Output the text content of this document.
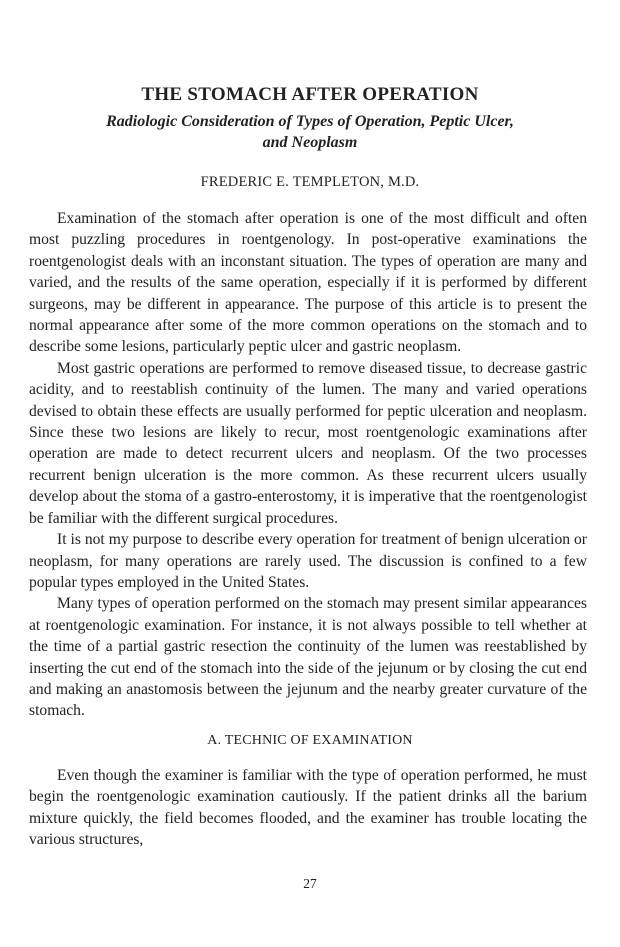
THE STOMACH AFTER OPERATION
Radiologic Consideration of Types of Operation, Peptic Ulcer,
and Neoplasm
FREDERIC E. TEMPLETON, M.D.

Examination of the stomach after operation is one of the most difficult and often most puzzling procedures in roentgenology. In post-operative examinations the roentgenologist deals with an inconstant situation. The types of operation are many and varied, and the results of the same operation, especially if it is performed by different surgeons, may be different in appearance. The purpose of this article is to present the normal appearance after some of the more common operations on the stomach and to describe some lesions, particularly peptic ulcer and gastric neoplasm.

Most gastric operations are performed to remove diseased tissue, to decrease gastric acidity, and to reestablish continuity of the lumen. The many and varied operations devised to obtain these effects are usually performed for peptic ulceration and neoplasm. Since these two lesions are likely to recur, most roentgenologic examinations after operation are made to detect recurrent ulcers and neoplasm. Of the two processes recurrent benign ulceration is the more common. As these recurrent ulcers usually develop about the stoma of a gastro-enterostomy, it is imperative that the roentgenologist be familiar with the different surgical procedures.

It is not my purpose to describe every operation for treatment of benign ulceration or neoplasm, for many operations are rarely used. The discussion is confined to a few popular types employed in the United States.

Many types of operation performed on the stomach may present similar appearances at roentgenologic examination. For instance, it is not always possible to tell whether at the time of a partial gastric resection the continuity of the lumen was reestablished by inserting the cut end of the stomach into the side of the jejunum or by closing the cut end and making an anastomosis between the jejunum and the nearby greater curvature of the stomach.

A. TECHNIC OF EXAMINATION

Even though the examiner is familiar with the type of operation performed, he must begin the roentgenologic examination cautiously. If the patient drinks all the barium mixture quickly, the field becomes flooded, and the examiner has trouble locating the various structures,

27
